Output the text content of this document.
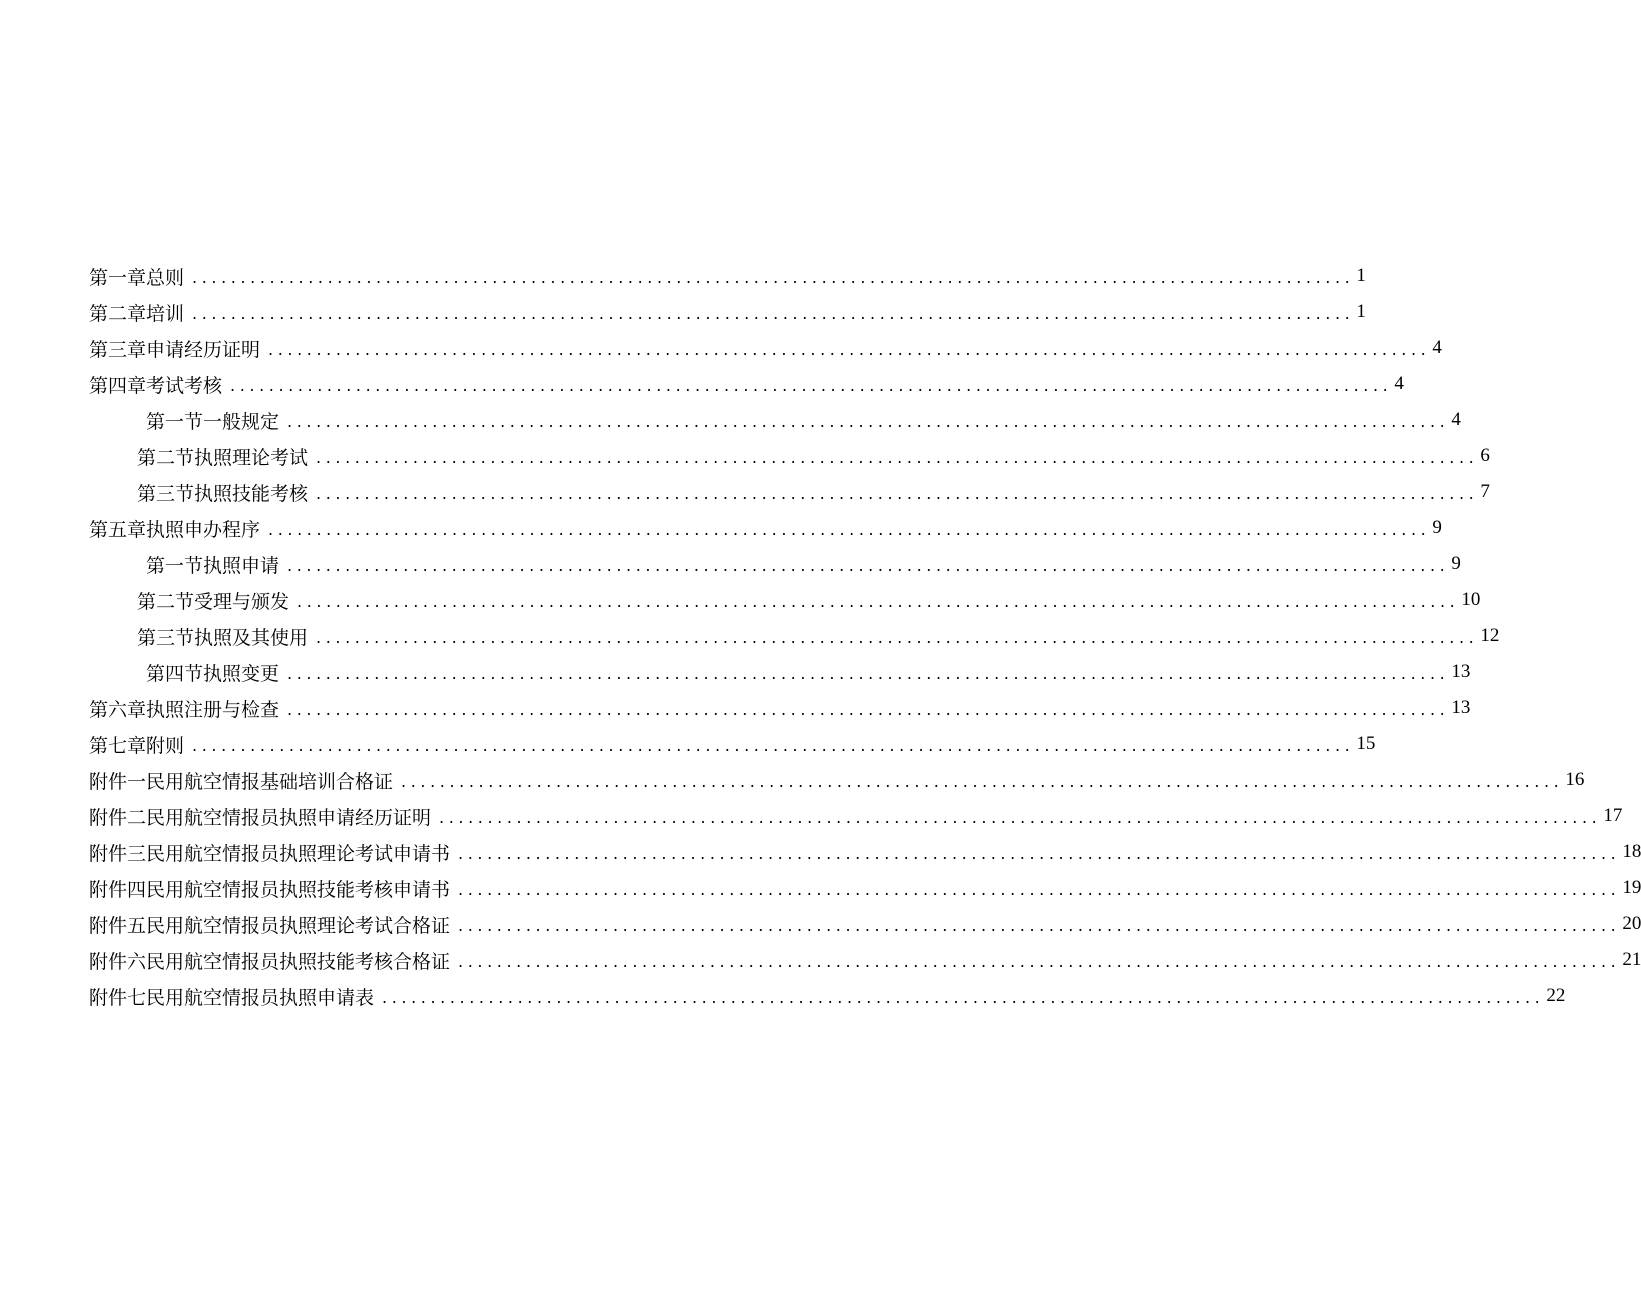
第一章总则 ........................................................................................................................ 1
第二章培训 ........................................................................................................................ 1
第三章申请经历证明 ........................................................................................................................ 4
第四章考试考核 ........................................................................................................................ 4
第一节一般规定 ........................................................................................................................ 4
第二节执照理论考试 ........................................................................................................................ 6
第三节执照技能考核 ........................................................................................................................ 7
第五章执照申办程序 ........................................................................................................................ 9
第一节执照申请 ........................................................................................................................ 9
第二节受理与颁发 ........................................................................................................................ 10
第三节执照及其使用 ........................................................................................................................ 12
第四节执照变更 ........................................................................................................................ 13
第六章执照注册与检查 ........................................................................................................................ 13
第七章附则 ........................................................................................................................ 15
附件一民用航空情报基础培训合格证 ........................................................................................................................ 16
附件二民用航空情报员执照申请经历证明 ........................................................................................................................ 17
附件三民用航空情报员执照理论考试申请书 ........................................................................................................................ 18
附件四民用航空情报员执照技能考核申请书 ........................................................................................................................ 19
附件五民用航空情报员执照理论考试合格证 ........................................................................................................................ 20
附件六民用航空情报员执照技能考核合格证 ........................................................................................................................ 21
附件七民用航空情报员执照申请表 ........................................................................................................................ 22
